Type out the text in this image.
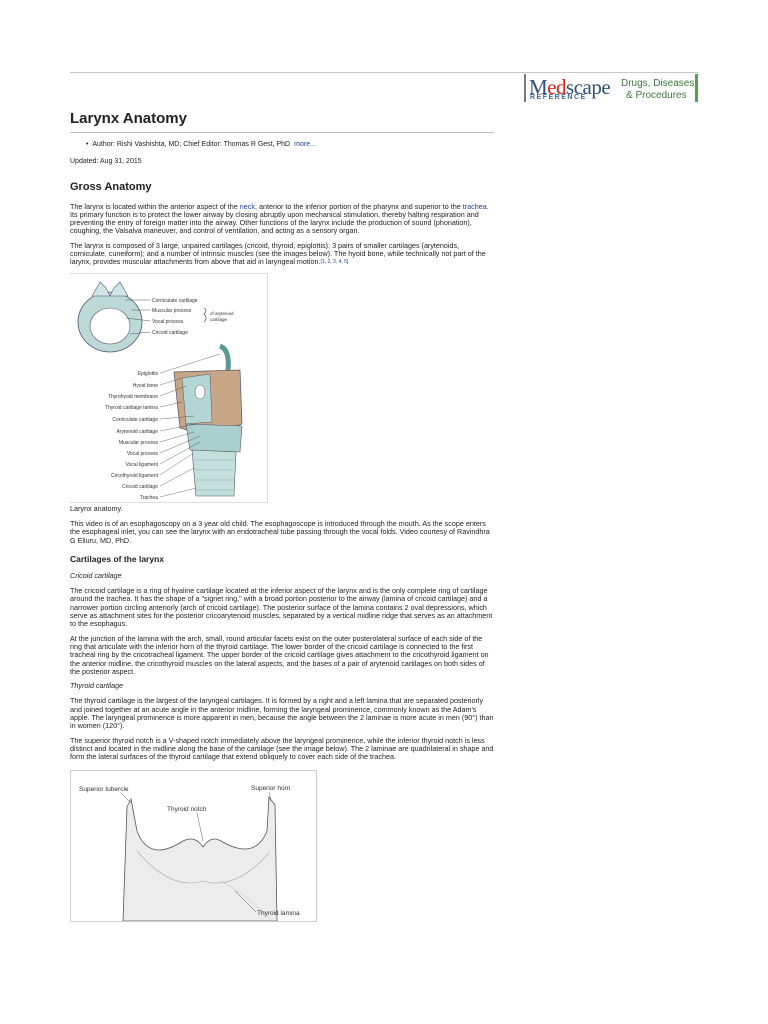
Medscape
REFERENCE
Drugs, Diseases
& Procedures
Larynx Anatomy
•  Author: Rishi Vashishta, MD; Chief Editor: Thomas R Gest, PhD more...
Updated: Aug 31, 2015
Gross Anatomy

The larynx is located within the anterior aspect of the neck, anterior to the inferior portion of the pharynx and superior to the trachea. Its primary function is to protect the lower airway by closing abruptly upon mechanical stimulation, thereby halting respiration and preventing the entry of foreign matter into the airway. Other functions of the larynx include the production of sound (phonation), coughing, the Valsalva maneuver, and control of ventilation, and acting as a sensory organ.

The larynx is composed of 3 large, unpaired cartilages (cricoid, thyroid, epiglottis); 3 pairs of smaller cartilages (arytenoids, corniculate, cuneiform); and a number of intrinsic muscles (see the images below). The hyoid bone, while technically not part of the larynx, provides muscular attachments from above that aid in laryngeal motion.[1, 2, 3, 4, 5]

Corniculate cartilage
Muscular process
Vocal process
Cricoid cartilage
of arytenoid
cartilage
Epiglottis
Hyoid bone
Thyrohyoid membrane
Thyroid cartilage lamina
Corniculate cartilage
Arytenoid cartilage
Muscular process
Vocal process
Vocal ligament
Cricothyroid ligament
Cricoid cartilage
Trachea
Larynx anatomy.

This video is of an esophagoscopy on a 3 year old child. The esophagoscope is introduced through the mouth. As the scope enters the esophageal inlet, you can see the larynx with an endotracheal tube passing through the vocal folds. Video courtesy of Ravindhra G Elluru, MD, PhD.

Cartilages of the larynx
Cricoid cartilage

The cricoid cartilage is a ring of hyaline cartilage located at the inferior aspect of the larynx and is the only complete ring of cartilage around the trachea. It has the shape of a "signet ring," with a broad portion posterior to the airway (lamina of cricoid cartilage) and a narrower portion circling anteriorly (arch of cricoid cartilage). The posterior surface of the lamina contains 2 oval depressions, which serve as attachment sites for the posterior cricoarytenoid muscles, separated by a vertical midline ridge that serves as an attachment to the esophagus.

At the junction of the lamina with the arch, small, round articular facets exist on the outer posterolateral surface of each side of the ring that articulate with the inferior horn of the thyroid cartilage. The lower border of the cricoid cartilage is connected to the first tracheal ring by the cricotracheal ligament. The upper border of the cricoid cartilage gives attachment to the cricothyroid ligament on the anterior midline, the cricothyroid muscles on the lateral aspects, and the bases of a pair of arytenoid cartilages on both sides of the posterior aspect.

Thyroid cartilage

The thyroid cartilage is the largest of the laryngeal cartilages. It is formed by a right and a left lamina that are separated posteriorly and joined together at an acute angle in the anterior midline, forming the laryngeal prominence, commonly known as the Adam's apple. The laryngeal prominence is more apparent in men, because the angle between the 2 laminae is more acute in men (90°) than in women (120°).

The superior thyroid notch is a V-shaped notch immediately above the laryngeal prominence, while the inferior thyroid notch is less distinct and located in the midline along the base of the cartilage (see the image below). The 2 laminae are quadrilateral in shape and form the lateral surfaces of the thyroid cartilage that extend obliquely to cover each side of the trachea.

Superior tubercle	Superior horn
Thyroid notch
Thyroid lamina
